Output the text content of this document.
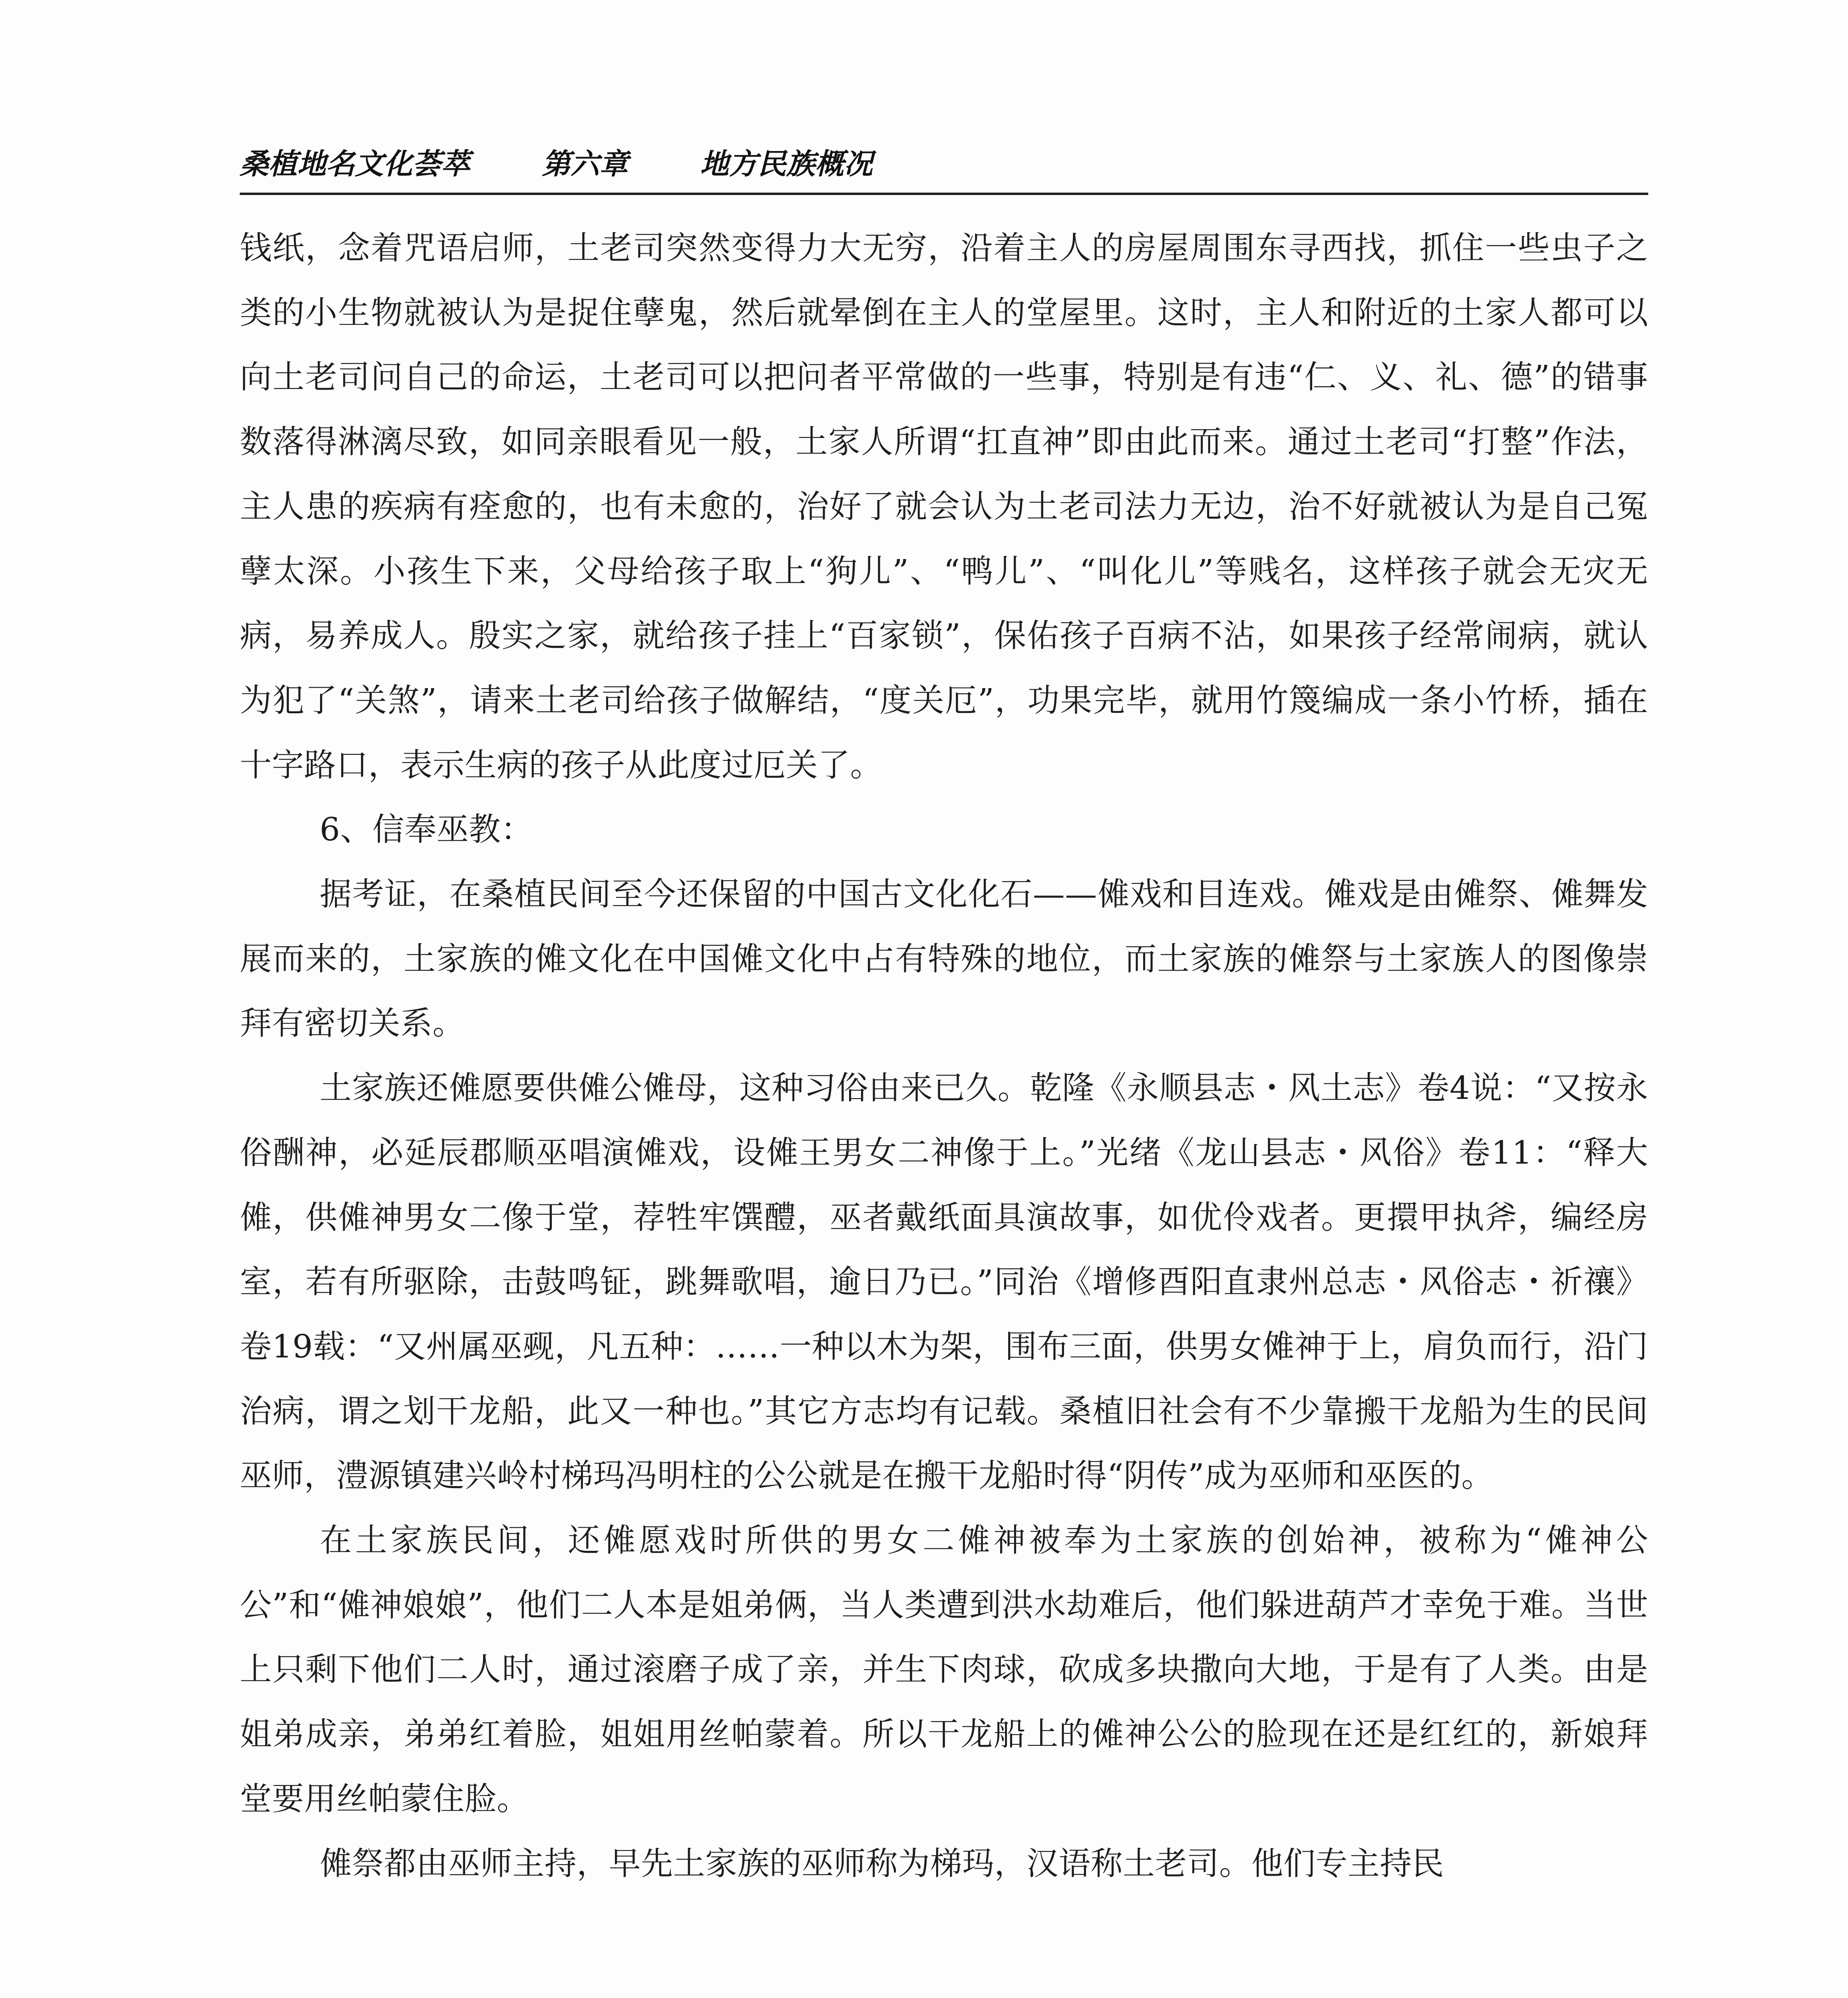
桑植地名文化荟萃	第六章	地方民族概况

钱纸，念着咒语启师，土老司突然变得力大无穷，沿着主人的房屋周围东寻西找，抓住一些虫子之类的小生物就被认为是捉住孽鬼，然后就晕倒在主人的堂屋里。这时，主人和附近的土家人都可以向土老司问自己的命运，土老司可以把问者平常做的一些事，特别是有违“仁、义、礼、德”的错事数落得淋漓尽致，如同亲眼看见一般，土家人所谓“扛直神”即由此而来。通过土老司“打整”作法，主人患的疾病有痊愈的，也有未愈的，治好了就会认为土老司法力无边，治不好就被认为是自己冤孽太深。小孩生下来，父母给孩子取上“狗儿”、“鸭儿”、“叫化儿”等贱名，这样孩子就会无灾无病，易养成人。殷实之家，就给孩子挂上“百家锁”，保佑孩子百病不沾，如果孩子经常闹病，就认为犯了“关煞”，请来土老司给孩子做解结，“度关厄”，功果完毕，就用竹篾编成一条小竹桥，插在十字路口，表示生病的孩子从此度过厄关了。

6、信奉巫教：

据考证，在桑植民间至今还保留的中国古文化化石——傩戏和目连戏。傩戏是由傩祭、傩舞发展而来的，土家族的傩文化在中国傩文化中占有特殊的地位，而土家族的傩祭与土家族人的图像崇拜有密切关系。

土家族还傩愿要供傩公傩母，这种习俗由来已久。乾隆《永顺县志・风土志》卷4说：“又按永俗酬神，必延辰郡顺巫唱演傩戏，设傩王男女二神像于上。”光绪《龙山县志・风俗》卷11：“释大傩，供傩神男女二像于堂，荐牲牢馔醴，巫者戴纸面具演故事，如优伶戏者。更擐甲执斧，编经房室，若有所驱除，击鼓鸣钲，跳舞歌唱，逾日乃已。”同治《增修酉阳直隶州总志・风俗志・祈禳》卷19载：“又州属巫觋，凡五种：……一种以木为架，围布三面，供男女傩神于上，肩负而行，沿门治病，谓之划干龙船，此又一种也。”其它方志均有记载。桑植旧社会有不少靠搬干龙船为生的民间巫师，澧源镇建兴岭村梯玛冯明柱的公公就是在搬干龙船时得“阴传”成为巫师和巫医的。

在土家族民间，还傩愿戏时所供的男女二傩神被奉为土家族的创始神，被称为“傩神公公”和“傩神娘娘”，他们二人本是姐弟俩，当人类遭到洪水劫难后，他们躲进葫芦才幸免于难。当世上只剩下他们二人时，通过滚磨子成了亲，并生下肉球，砍成多块撒向大地，于是有了人类。由是姐弟成亲，弟弟红着脸，姐姐用丝帕蒙着。所以干龙船上的傩神公公的脸现在还是红红的，新娘拜堂要用丝帕蒙住脸。

傩祭都由巫师主持，早先土家族的巫师称为梯玛，汉语称土老司。他们专主持民
